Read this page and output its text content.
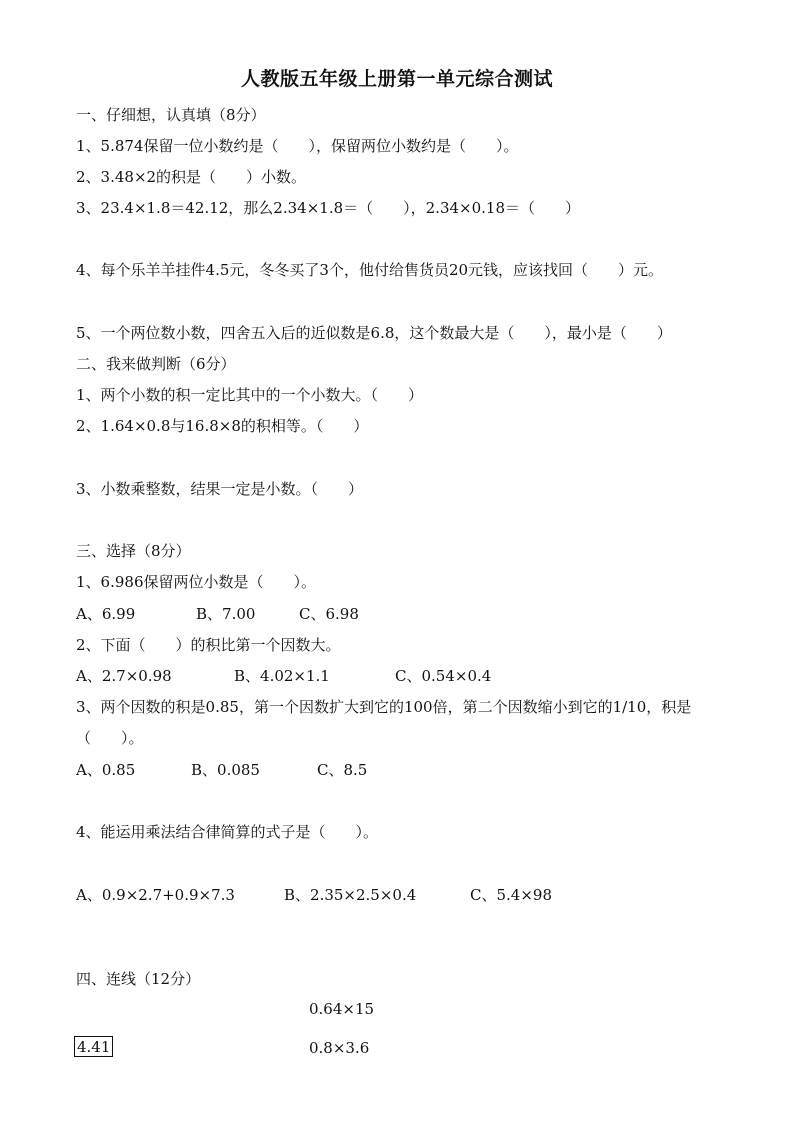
人教版五年级上册第一单元综合测试
一、仔细想，认真填（8分）
1、5.874保留一位小数约是（　　），保留两位小数约是（　　）。
2、3.48×2的积是（　　）小数。
3、23.4×1.8＝42.12，那么2.34×1.8＝（　　），2.34×0.18＝（　　）
4、每个乐羊羊挂件4.5元，冬冬买了3个，他付给售货员20元钱，应该找回（　　）元。
5、一个两位数小数，四舍五入后的近似数是6.8，这个数最大是（　　），最小是（　　）
二、我来做判断（6分）
1、两个小数的积一定比其中的一个小数大。（　　）
2、1.64×0.8与16.8×8的积相等。（　　）
3、小数乘整数，结果一定是小数。（　　）
三、选择（8分）
1、6.986保留两位小数是（　　）。
A、6.99	B、7.00	C、6.98
2、下面（　　）的积比第一个因数大。
A、2.7×0.98	B、4.02×1.1	C、0.54×0.4
3、两个因数的积是0.85，第一个因数扩大到它的100倍，第二个因数缩小到它的1/10，积是（　　）。
A、0.85	B、0.085	C、8.5
4、能运用乘法结合律简算的式子是（　　）。
A、0.9×2.7+0.9×7.3	B、2.35×2.5×0.4	C、5.4×98
四、连线（12分）
0.64×15
4.41	0.8×3.6
